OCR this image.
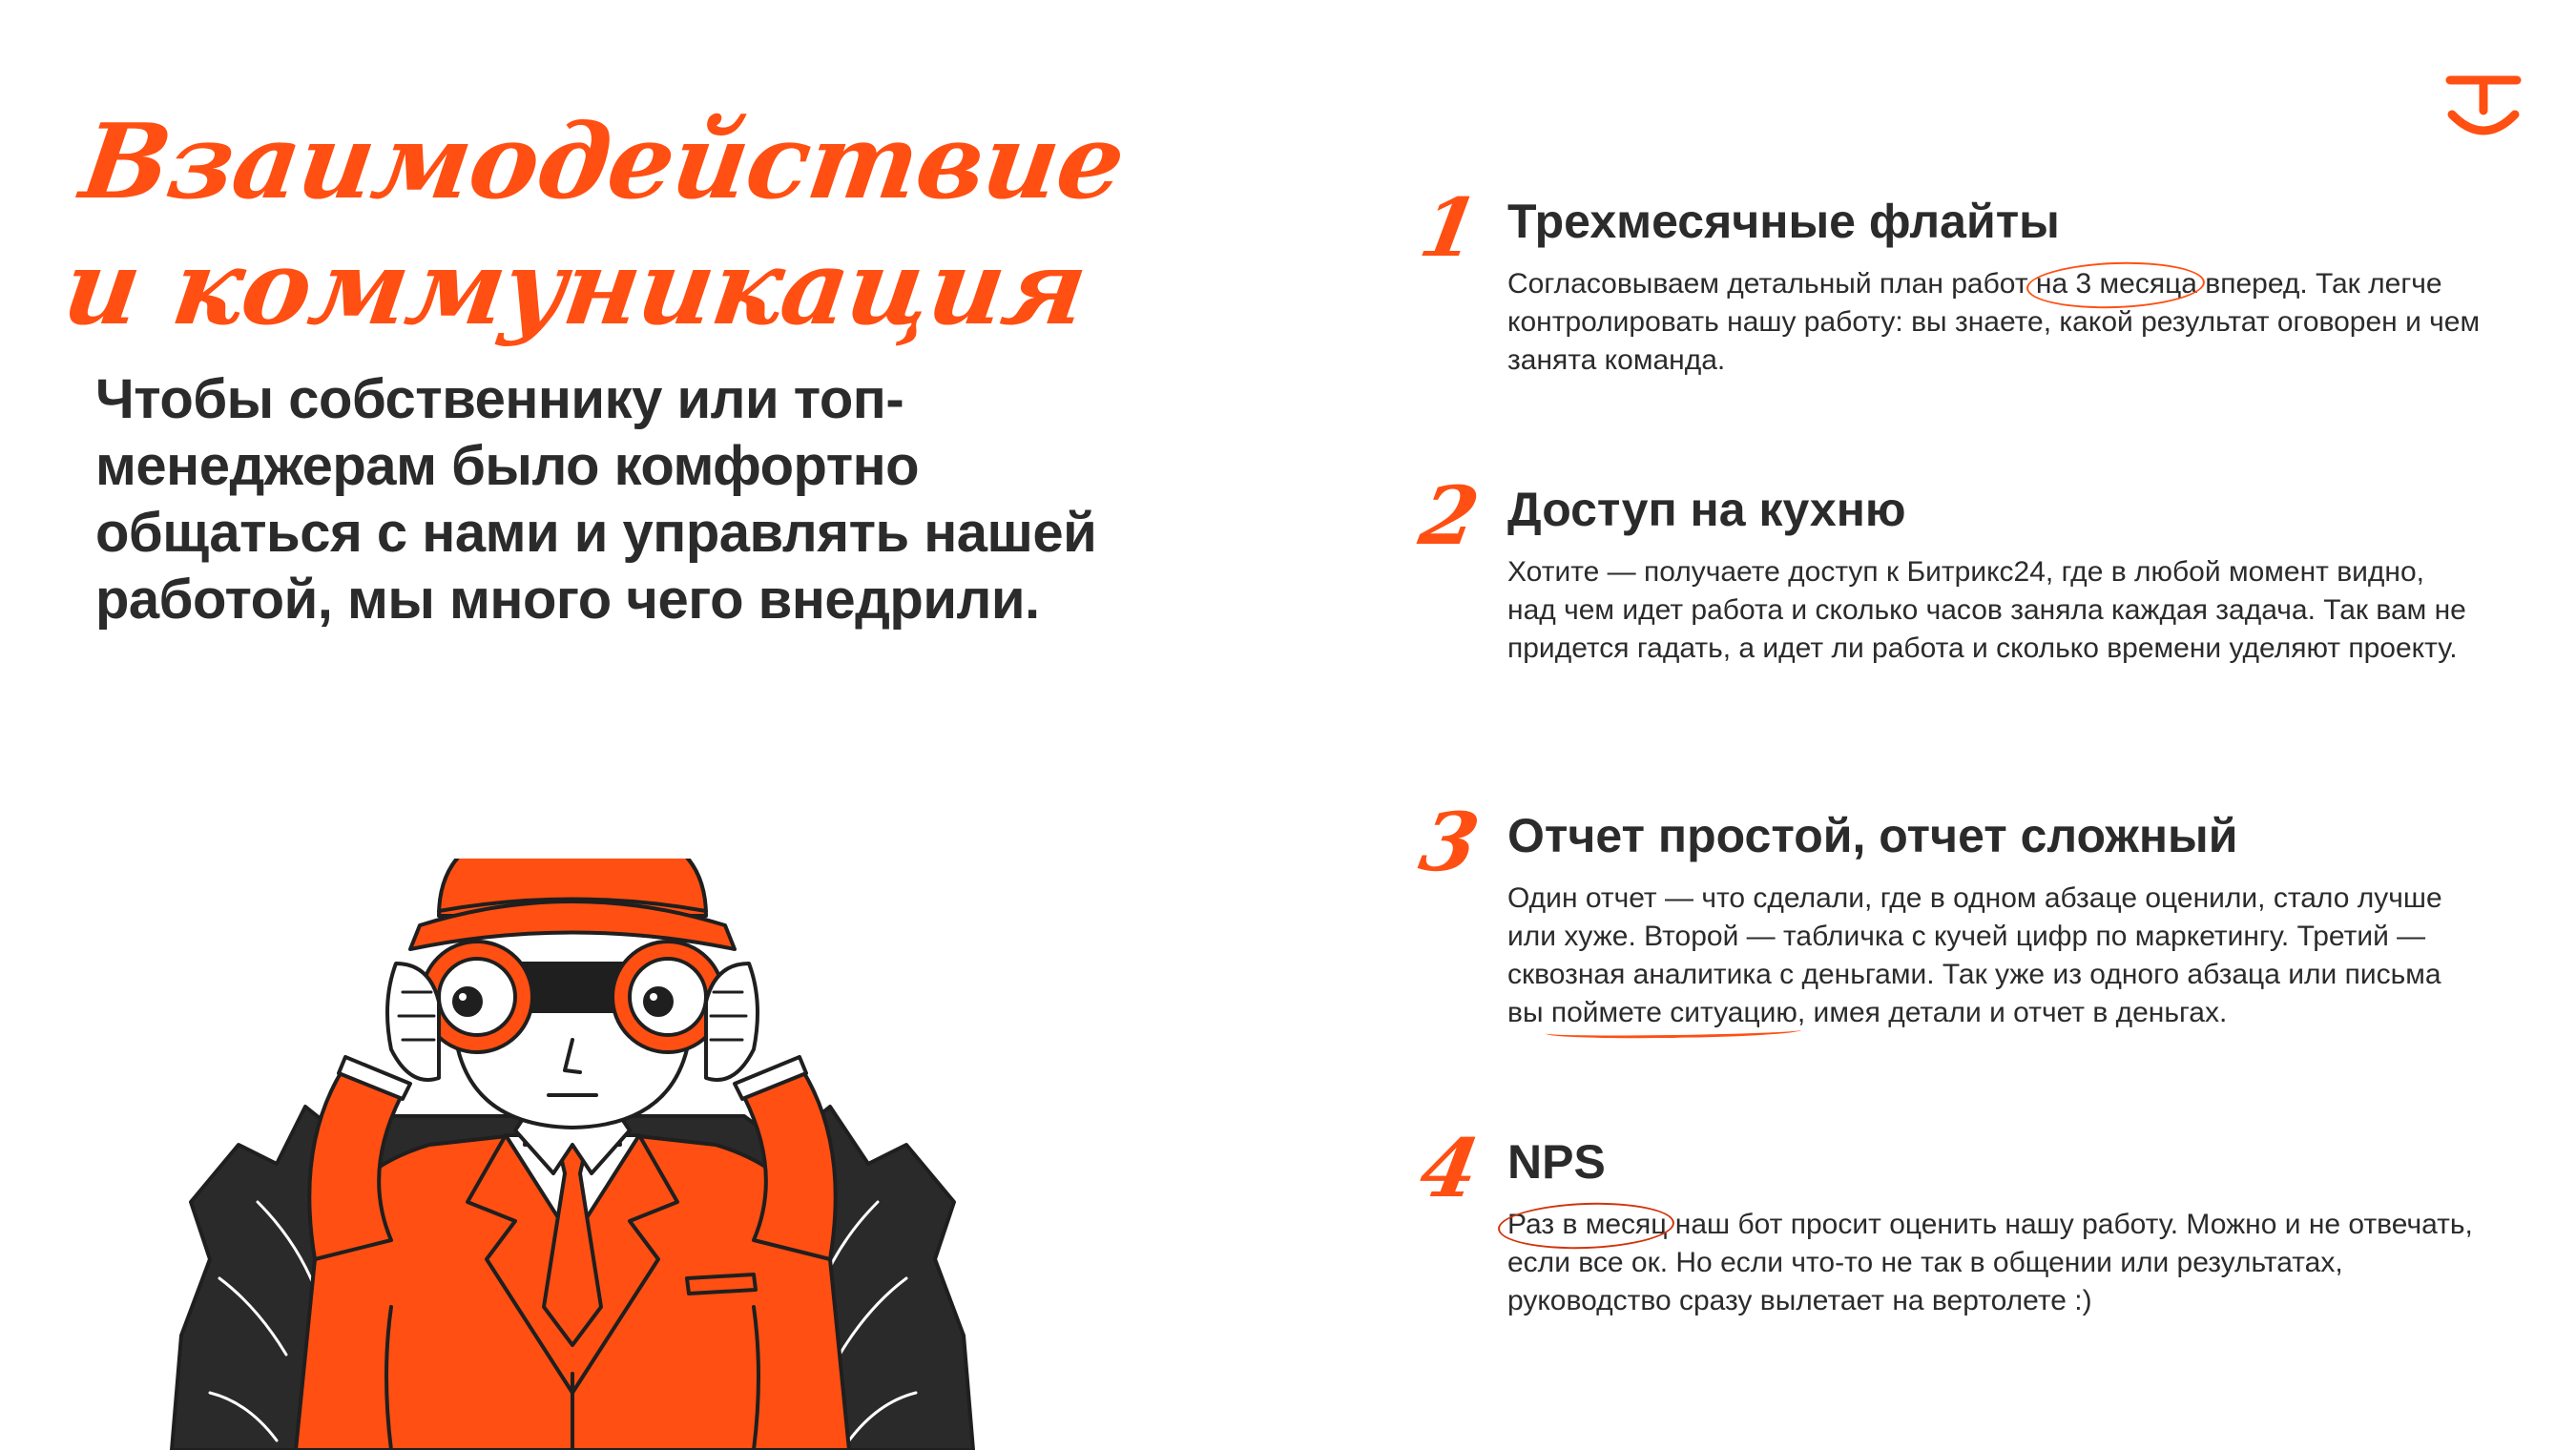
Взаимодействие
и коммуникация

Чтобы собственнику или топ-менеджерам было комфортно общаться с нами и управлять нашей работой, мы много чего внедрили.

1 Трехмесячные флайты

Согласовываем детальный план работ на 3 месяца вперед. Так легче контролировать нашу работу: вы знаете, какой результат оговорен и чем занята команда.

2 Доступ на кухню

Хотите — получаете доступ к Битрикс24, где в любой момент видно, над чем идет работа и сколько часов заняла каждая задача. Так вам не придется гадать, а идет ли работа и сколько времени уделяют проекту.

3 Отчет простой, отчет сложный

Один отчет — что сделали, где в одном абзаце оценили, стало лучше или хуже. Второй — табличка с кучей цифр по маркетингу. Третий — сквозная аналитика с деньгами. Так уже из одного абзаца или письма вы поймете ситуацию, имея детали и отчет в деньгах.

4 NPS

Раз в месяц наш бот просит оценить нашу работу. Можно и не отвечать, если все ок. Но если что-то не так в общении или результатах, руководство сразу вылетает на вертолете :)
